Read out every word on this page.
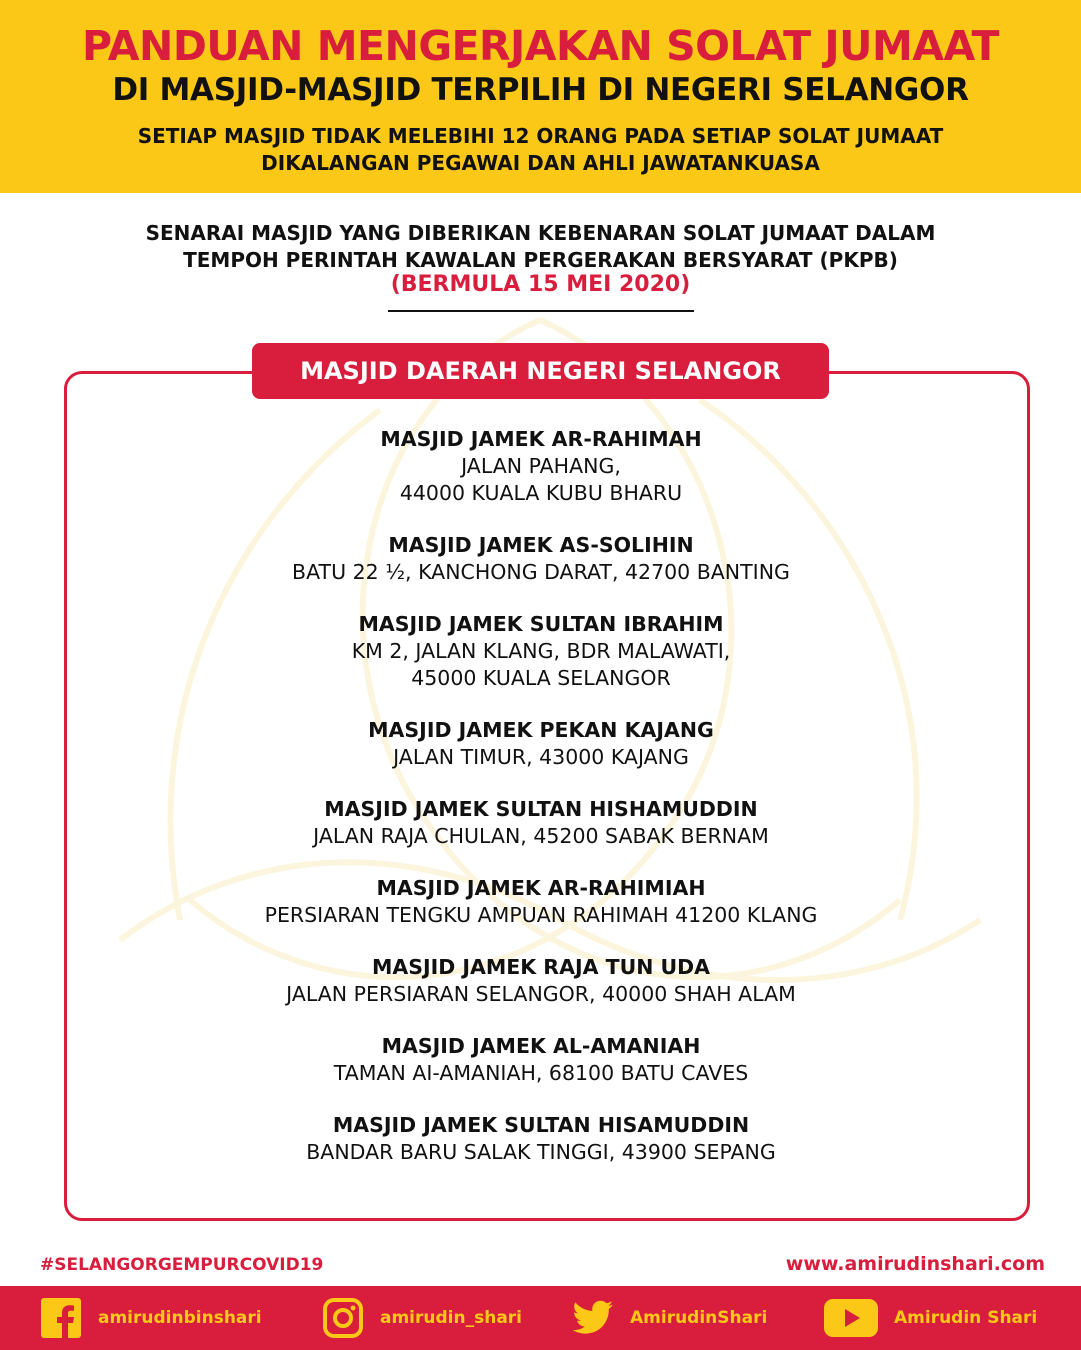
PANDUAN MENGERJAKAN SOLAT JUMAAT
DI MASJID-MASJID TERPILIH DI NEGERI SELANGOR
SETIAP MASJID TIDAK MELEBIHI 12 ORANG PADA SETIAP SOLAT JUMAAT
DIKALANGAN PEGAWAI DAN AHLI JAWATANKUASA
SENARAI MASJID YANG DIBERIKAN KEBENARAN SOLAT JUMAAT DALAM
TEMPOH PERINTAH KAWALAN PERGERAKAN BERSYARAT (PKPB)
(BERMULA 15 MEI 2020)
MASJID DAERAH NEGERI SELANGOR
MASJID JAMEK AR-RAHIMAH
JALAN PAHANG,
44000 KUALA KUBU BHARU
MASJID JAMEK AS-SOLIHIN
BATU 22 ½, KANCHONG DARAT, 42700 BANTING
MASJID JAMEK SULTAN IBRAHIM
KM 2, JALAN KLANG, BDR MALAWATI,
45000 KUALA SELANGOR
MASJID JAMEK PEKAN KAJANG
JALAN TIMUR, 43000 KAJANG
MASJID JAMEK SULTAN HISHAMUDDIN
JALAN RAJA CHULAN, 45200 SABAK BERNAM
MASJID JAMEK AR-RAHIMIAH
PERSIARAN TENGKU AMPUAN RAHIMAH 41200 KLANG
MASJID JAMEK RAJA TUN UDA
JALAN PERSIARAN SELANGOR, 40000 SHAH ALAM
MASJID JAMEK AL-AMANIAH
TAMAN AI-AMANIAH, 68100 BATU CAVES
MASJID JAMEK SULTAN HISAMUDDIN
BANDAR BARU SALAK TINGGI, 43900 SEPANG
#SELANGORGEMPURCOVID19	www.amirudinshari.com
amirudinbinshari	amirudin_shari	AmirudinShari	Amirudin Shari
